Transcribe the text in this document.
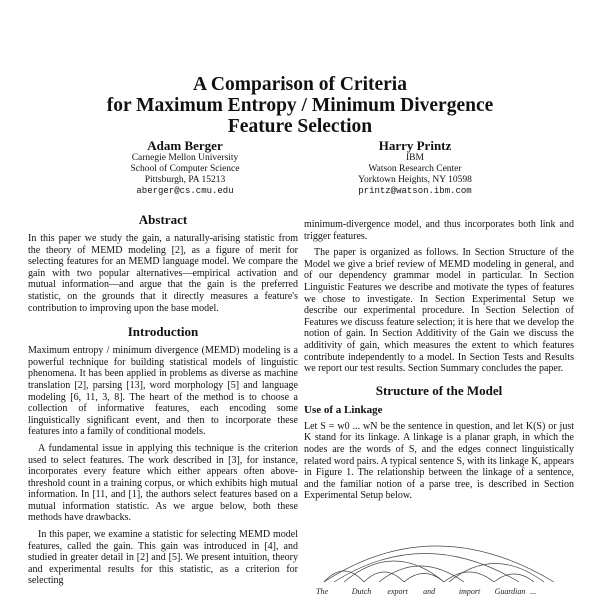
A Comparison of Criteria
for Maximum Entropy / Minimum Divergence
Feature Selection
Adam Berger
Carnegie Mellon University
School of Computer Science
Pittsburgh, PA 15213
aberger@cs.cmu.edu
Harry Printz
IBM
Watson Research Center
Yorktown Heights, NY 10598
printz@watson.ibm.com
Abstract

In this paper we study the gain, a naturally-arising statistic from the theory of MEMD modeling [2], as a figure of merit for selecting features for an MEMD language model. We compare the gain with two popular alternatives—empirical activation and mutual information—and argue that the gain is the preferred statistic, on the grounds that it directly measures a feature's contribution to improving upon the base model.

Introduction

Maximum entropy / minimum divergence (MEMD) modeling is a powerful technique for building statistical models of linguistic phenomena. It has been applied in problems as diverse as machine translation [2], parsing [13], word morphology [5] and language modeling [6, 11, 3, 8]. The heart of the method is to choose a collection of informative features, each encoding some linguistically significant event, and then to incorporate these features into a family of conditional models.

A fundamental issue in applying this technique is the criterion used to select features. The work described in [3], for instance, incorporates every feature which either appears often above-threshold count in a training corpus, or which exhibits high mutual information. In [11, and [1], the authors select features based on a mutual information statistic. As we argue below, both these methods have drawbacks.

In this paper, we examine a statistic for selecting MEMD model features, called the gain. This gain was introduced in [4], and studied in greater detail in [2] and [5]. We present intuition, theory and experimental results for this statistic, as a criterion for selecting

minimum-divergence model, and thus incorporates both link and trigger features.

The paper is organized as follows. In Section Structure of the Model we give a brief review of MEMD modeling in general, and of our dependency grammar model in particular. In Section Linguistic Features we describe and motivate the types of features we chose to investigate. In Section Experimental Setup we describe our experimental procedure. In Section Selection of Features we discuss feature selection; it is here that we develop the notion of gain. In Section Additivity of the Gain we discuss the additivity of gain, which measures the extent to which features contribute independently to a model. In Section Tests and Results we report our test results. Section Summary concludes the paper.

Structure of the Model
Use of a Linkage

Let S = w0 ... wN be the sentence in question, and let K(S) or just K stand for its linkage. A linkage is a planar graph, in which the nodes are the words of S, and the edges connect linguistically related word pairs. A typical sentence S, with its linkage K, appears in Figure 1. The relationship between the linkage of a sentence, and the familiar notion of a parse tree, is described in Section Experimental Setup below.

The	Dutch export and	import Guardian ...
